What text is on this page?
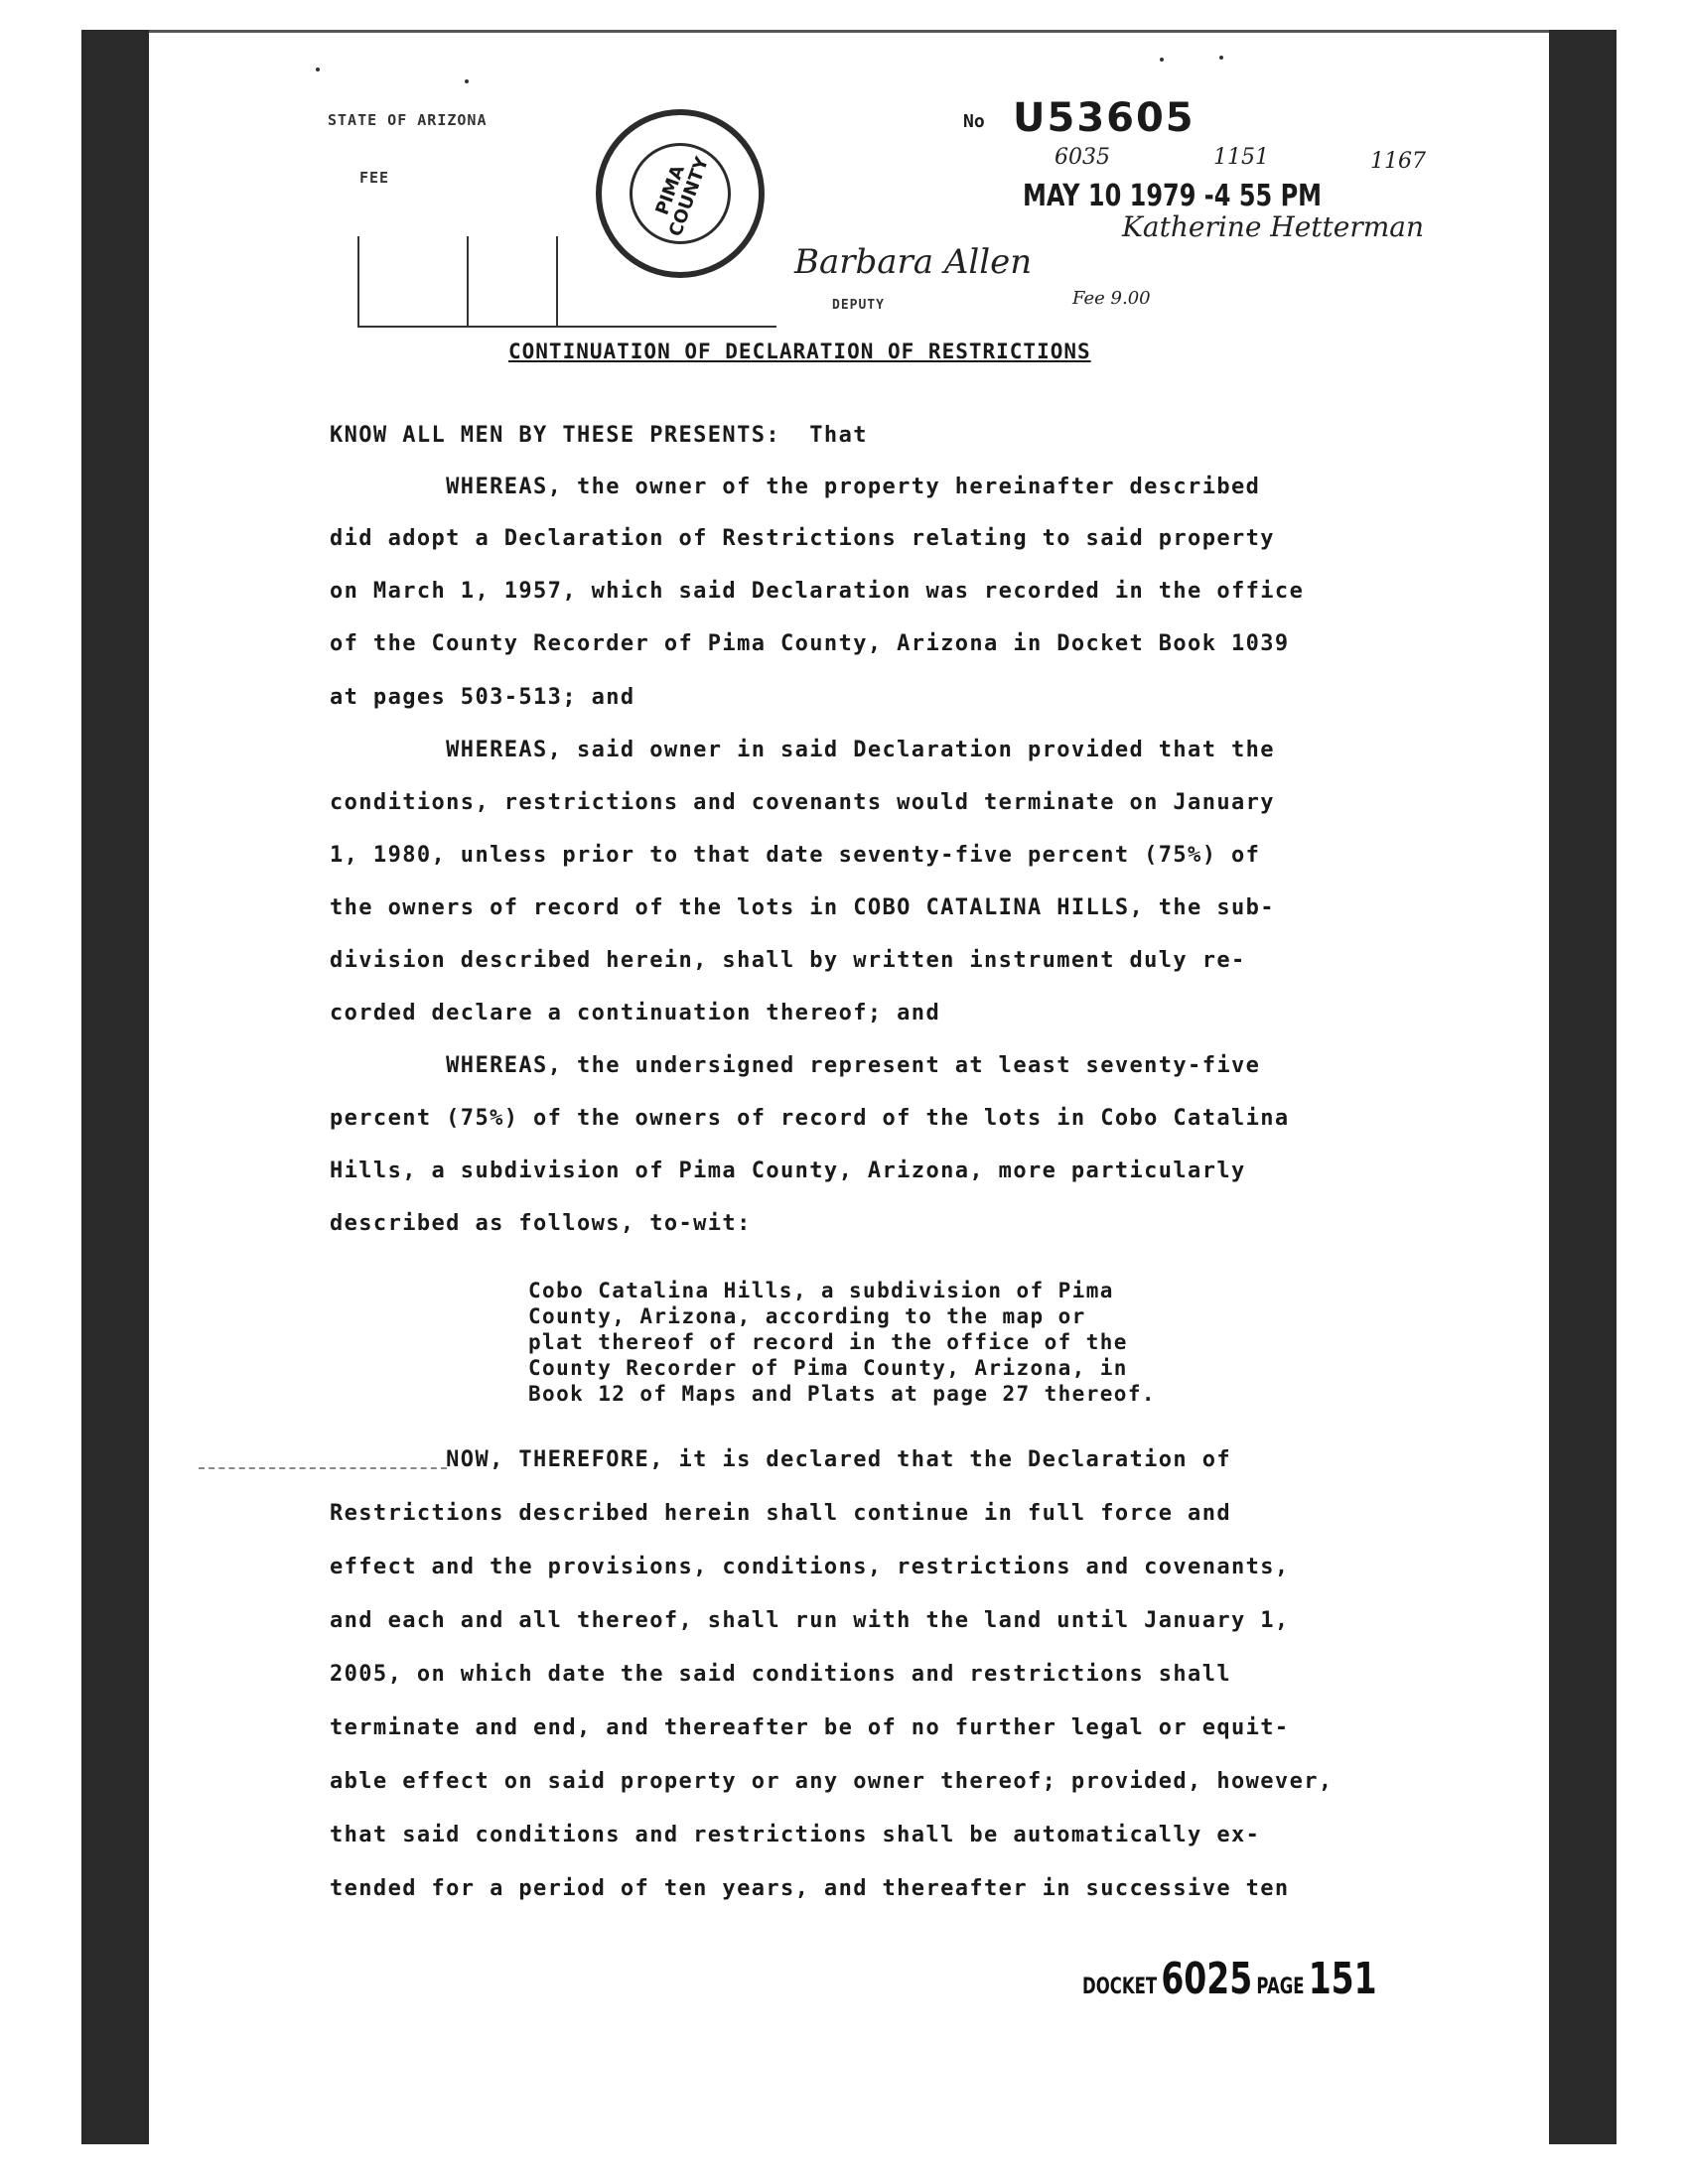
STATE OF ARIZONA
FEE
No U53605
6035	1151
MAY 10 1979 -4 55 PM
1167
Katherine Hetterman
Barbara Allen
DEPUTY	Fee 9.00
PIMA COUNTY
CONTINUATION OF DECLARATION OF RESTRICTIONS
KNOW ALL MEN BY THESE PRESENTS:  That
WHEREAS, the owner of the property hereinafter described
did adopt a Declaration of Restrictions relating to said property
on March 1, 1957, which said Declaration was recorded in the office
of the County Recorder of Pima County, Arizona in Docket Book 1039
at pages 503-513; and
WHEREAS, said owner in said Declaration provided that the
conditions, restrictions and covenants would terminate on January
1, 1980, unless prior to that date seventy-five percent (75%) of
the owners of record of the lots in COBO CATALINA HILLS, the sub-
division described herein, shall by written instrument duly re-
corded declare a continuation thereof; and
WHEREAS, the undersigned represent at least seventy-five
percent (75%) of the owners of record of the lots in Cobo Catalina
Hills, a subdivision of Pima County, Arizona, more particularly
described as follows, to-wit:
Cobo Catalina Hills, a subdivision of Pima
County, Arizona, according to the map or
plat thereof of record in the office of the
County Recorder of Pima County, Arizona, in
Book 12 of Maps and Plats at page 27 thereof.
NOW, THEREFORE, it is declared that the Declaration of
Restrictions described herein shall continue in full force and
effect and the provisions, conditions, restrictions and covenants,
and each and all thereof, shall run with the land until January 1,
2005, on which date the said conditions and restrictions shall
terminate and end, and thereafter be of no further legal or equit-
able effect on said property or any owner thereof; provided, however,
that said conditions and restrictions shall be automatically ex-
tended for a period of ten years, and thereafter in successive ten
DOCKET 6025 PAGE 151
